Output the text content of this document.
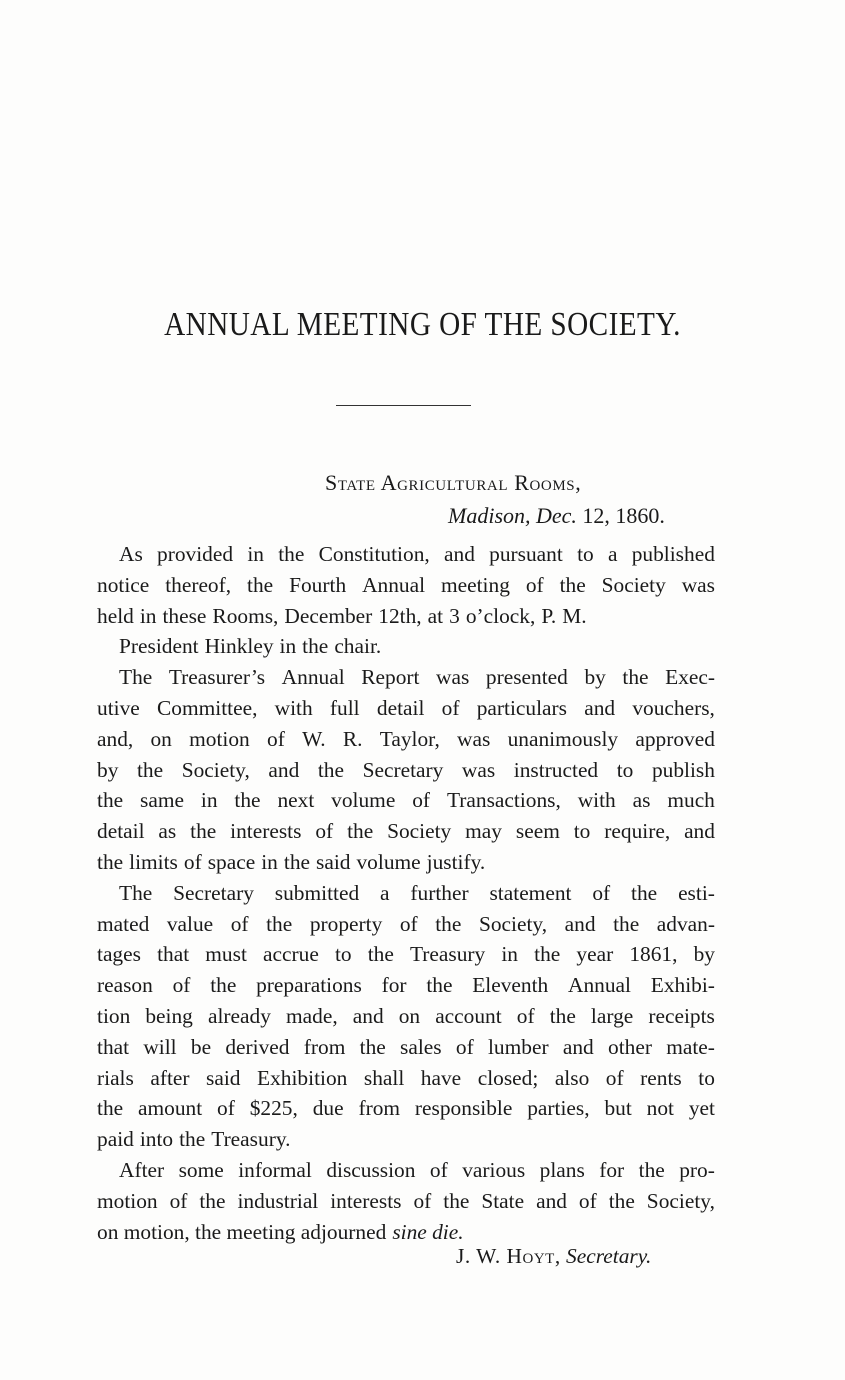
ANNUAL MEETING OF THE SOCIETY.
State Agricultural Rooms,
Madison, Dec. 12, 1860.
As provided in the Constitution, and pursuant to a published
notice thereof, the Fourth Annual meeting of the Society was
held in these Rooms, December 12th, at 3 o’clock, P. M.
President Hinkley in the chair.
The Treasurer’s Annual Report was presented by the Exec-
utive Committee, with full detail of particulars and vouchers,
and, on motion of W. R. Taylor, was unanimously approved
by the Society, and the Secretary was instructed to publish
the same in the next volume of Transactions, with as much
detail as the interests of the Society may seem to require, and
the limits of space in the said volume justify.
The Secretary submitted a further statement of the esti-
mated value of the property of the Society, and the advan-
tages that must accrue to the Treasury in the year 1861, by
reason of the preparations for the Eleventh Annual Exhibi-
tion being already made, and on account of the large receipts
that will be derived from the sales of lumber and other mate-
rials after said Exhibition shall have closed; also of rents to
the amount of $225, due from responsible parties, but not yet
paid into the Treasury.
After some informal discussion of various plans for the pro-
motion of the industrial interests of the State and of the Society,
on motion, the meeting adjourned sine die.
J. W. Hoyt, Secretary.
